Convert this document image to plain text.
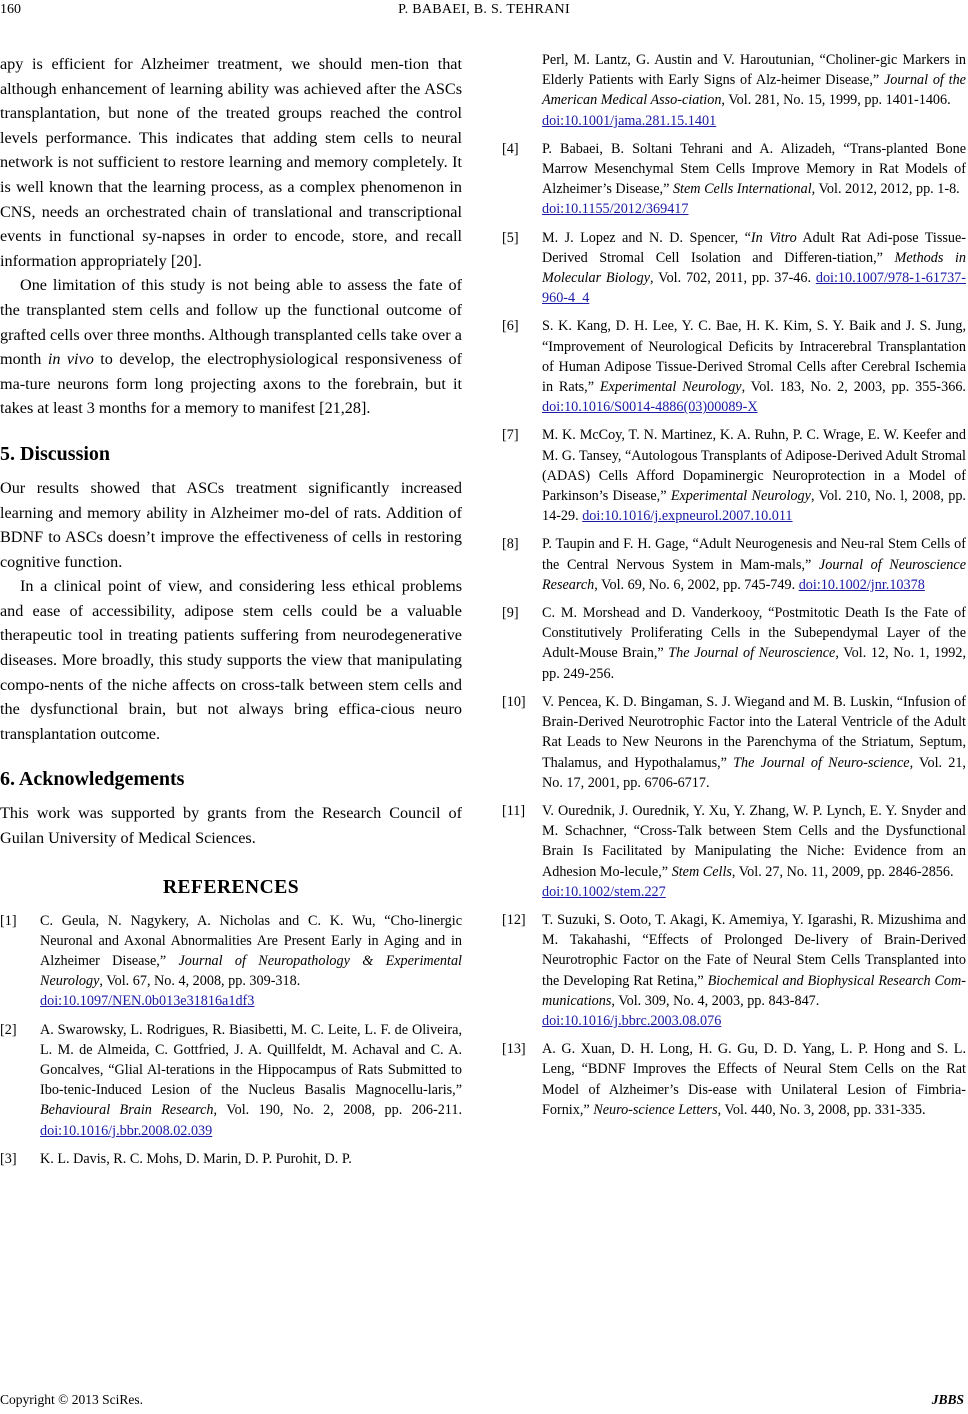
160	P. BABAEI, B. S. TEHRANI

apy is efficient for Alzheimer treatment, we should men-tion that although enhancement of learning ability was achieved after the ASCs transplantation, but none of the treated groups reached the control levels performance. This indicates that adding stem cells to neural network is not sufficient to restore learning and memory completely. It is well known that the learning process, as a complex phenomenon in CNS, needs an orchestrated chain of translational and transcriptional events in functional sy-napses in order to encode, store, and recall information appropriately [20].

One limitation of this study is not being able to assess the fate of the transplanted stem cells and follow up the functional outcome of grafted cells over three months. Although transplanted cells take over a month in vivo to develop, the electrophysiological responsiveness of ma-ture neurons form long projecting axons to the forebrain, but it takes at least 3 months for a memory to manifest [21,28].

5. Discussion

Our results showed that ASCs treatment significantly increased learning and memory ability in Alzheimer mo-del of rats. Addition of BDNF to ASCs doesn’t improve the effectiveness of cells in restoring cognitive function.

In a clinical point of view, and considering less ethical problems and ease of accessibility, adipose stem cells could be a valuable therapeutic tool in treating patients suffering from neurodegenerative diseases. More broadly, this study supports the view that manipulating compo-nents of the niche affects on cross-talk between stem cells and the dysfunctional brain, but not always bring effica-cious neuro transplantation outcome.

6. Acknowledgements

This work was supported by grants from the Research Council of Guilan University of Medical Sciences.

REFERENCES
[1] C. Geula, N. Nagykery, A. Nicholas and C. K. Wu, “Cho-linergic Neuronal and Axonal Abnormalities Are Present Early in Aging and in Alzheimer Disease,” Journal of Neuropathology & Experimental Neurology, Vol. 67, No. 4, 2008, pp. 309-318.
doi:10.1097/NEN.0b013e31816a1df3
[2] A. Swarowsky, L. Rodrigues, R. Biasibetti, M. C. Leite, L. F. de Oliveira, L. M. de Almeida, C. Gottfried, J. A. Quillfeldt, M. Achaval and C. A. Goncalves, “Glial Al-terations in the Hippocampus of Rats Submitted to Ibo-tenic-Induced Lesion of the Nucleus Basalis Magnocellu-laris,” Behavioural Brain Research, Vol. 190, No. 2, 2008, pp. 206-211. doi:10.1016/j.bbr.2008.02.039
[3] K. L. Davis, R. C. Mohs, D. Marin, D. P. Purohit, D. P.
Perl, M. Lantz, G. Austin and V. Haroutunian, “Choliner-gic Markers in Elderly Patients with Early Signs of Alz-heimer Disease,” Journal of the American Medical Asso-ciation, Vol. 281, No. 15, 1999, pp. 1401-1406.
doi:10.1001/jama.281.15.1401
[4] P. Babaei, B. Soltani Tehrani and A. Alizadeh, “Trans-planted Bone Marrow Mesenchymal Stem Cells Improve Memory in Rat Models of Alzheimer’s Disease,” Stem Cells International, Vol. 2012, 2012, pp. 1-8.
doi:10.1155/2012/369417
[5] M. J. Lopez and N. D. Spencer, “In Vitro Adult Rat Adi-pose Tissue-Derived Stromal Cell Isolation and Differen-tiation,” Methods in Molecular Biology, Vol. 702, 2011, pp. 37-46. doi:10.1007/978-1-61737-960-4_4
[6] S. K. Kang, D. H. Lee, Y. C. Bae, H. K. Kim, S. Y. Baik and J. S. Jung, “Improvement of Neurological Deficits by Intracerebral Transplantation of Human Adipose Tissue-Derived Stromal Cells after Cerebral Ischemia in Rats,” Experimental Neurology, Vol. 183, No. 2, 2003, pp. 355-366. doi:10.1016/S0014-4886(03)00089-X
[7] M. K. McCoy, T. N. Martinez, K. A. Ruhn, P. C. Wrage, E. W. Keefer and M. G. Tansey, “Autologous Transplants of Adipose-Derived Adult Stromal (ADAS) Cells Afford Dopaminergic Neuroprotection in a Model of Parkinson’s Disease,” Experimental Neurology, Vol. 210, No. l, 2008, pp. 14-29. doi:10.1016/j.expneurol.2007.10.011
[8] P. Taupin and F. H. Gage, “Adult Neurogenesis and Neu-ral Stem Cells of the Central Nervous System in Mam-mals,” Journal of Neuroscience Research, Vol. 69, No. 6, 2002, pp. 745-749. doi:10.1002/jnr.10378
[9] C. M. Morshead and D. Vanderkooy, “Postmitotic Death Is the Fate of Constitutively Proliferating Cells in the Subependymal Layer of the Adult-Mouse Brain,” The Journal of Neuroscience, Vol. 12, No. 1, 1992, pp. 249-256.
[10] V. Pencea, K. D. Bingaman, S. J. Wiegand and M. B. Luskin, “Infusion of Brain-Derived Neurotrophic Factor into the Lateral Ventricle of the Adult Rat Leads to New Neurons in the Parenchyma of the Striatum, Septum, Thalamus, and Hypothalamus,” The Journal of Neuro-science, Vol. 21, No. 17, 2001, pp. 6706-6717.
[11] V. Ourednik, J. Ourednik, Y. Xu, Y. Zhang, W. P. Lynch, E. Y. Snyder and M. Schachner, “Cross-Talk between Stem Cells and the Dysfunctional Brain Is Facilitated by Manipulating the Niche: Evidence from an Adhesion Mo-lecule,” Stem Cells, Vol. 27, No. 11, 2009, pp. 2846-2856.
doi:10.1002/stem.227
[12] T. Suzuki, S. Ooto, T. Akagi, K. Amemiya, Y. Igarashi, R. Mizushima and M. Takahashi, “Effects of Prolonged De-livery of Brain-Derived Neurotrophic Factor on the Fate of Neural Stem Cells Transplanted into the Developing Rat Retina,” Biochemical and Biophysical Research Com-munications, Vol. 309, No. 4, 2003, pp. 843-847.
doi:10.1016/j.bbrc.2003.08.076
[13] A. G. Xuan, D. H. Long, H. G. Gu, D. D. Yang, L. P. Hong and S. L. Leng, “BDNF Improves the Effects of Neural Stem Cells on the Rat Model of Alzheimer’s Dis-ease with Unilateral Lesion of Fimbria-Fornix,” Neuro-science Letters, Vol. 440, No. 3, 2008, pp. 331-335.
Copyright © 2013 SciRes.	JBBS
